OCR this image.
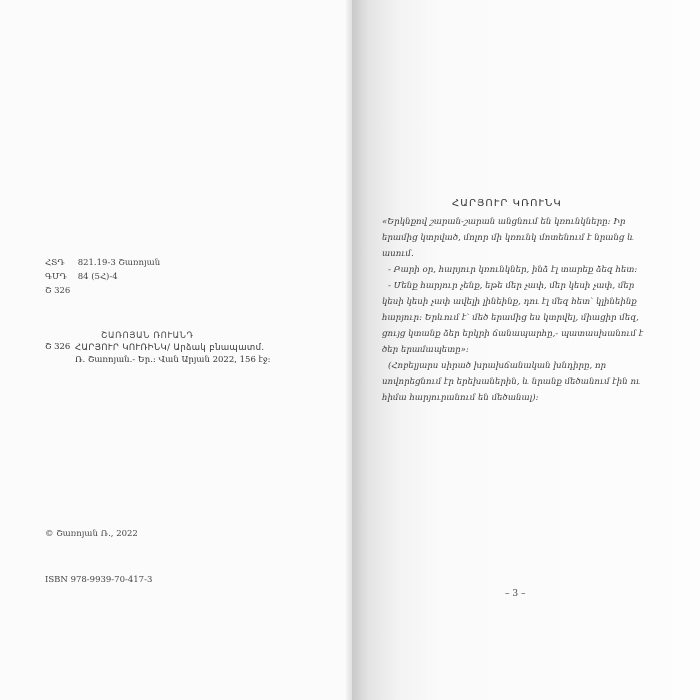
ՀՏԴ 821.19-3 Շառոյան
ԳՄԴ 84 (5Հ)-4
Շ 326
Շ 326
ՇԱՌՈՅԱՆ ՌՈՒԱՆԴ
ՀԱՐՅՈՒՐ ԿՈՒՌԻՆԿ/ Արձակ բնապատմ.
Ռ. Շառոյան.- Եր.: Վան Արյան 2022, 156 էջ:
© Շառոյան Ռ., 2022
ISBN 978-9939-70-417-3
ՀԱՐՅՈՒՐ ԿՌՈՒՆԿ

«Երկնքով շարան-շարան անցնում են կռունկները: Իր երամից կտրված, մոլոր մի կռունկ մոտենում է նրանց և ասում.

- Բարի օր, հարյուր կռունկներ, ինձ էլ տարեք ձեզ հետ:

- Մենք հարյուր չենք, եթե մեր չափ, մեր կեսի չափ, մեր կեսի կեսի չափ ավելի լինեինք, դու էլ մեզ հետ՝ կլինեինք հարյուր: Երևում է՝ մեծ երամից ես կտրվել, միացիր մեզ, ցույց կտանք ձեր երկրի ճանապարհը,- պատասխանում է ծեր երամապետը»:

(Հոբելյարս սիրած խրախճանական խնդիրը, որ սովորեցնում էր երեխաներին, և նրանք մեծանում էին ու հիմա հարյուրանում են մեծանալ):

– 3 –
